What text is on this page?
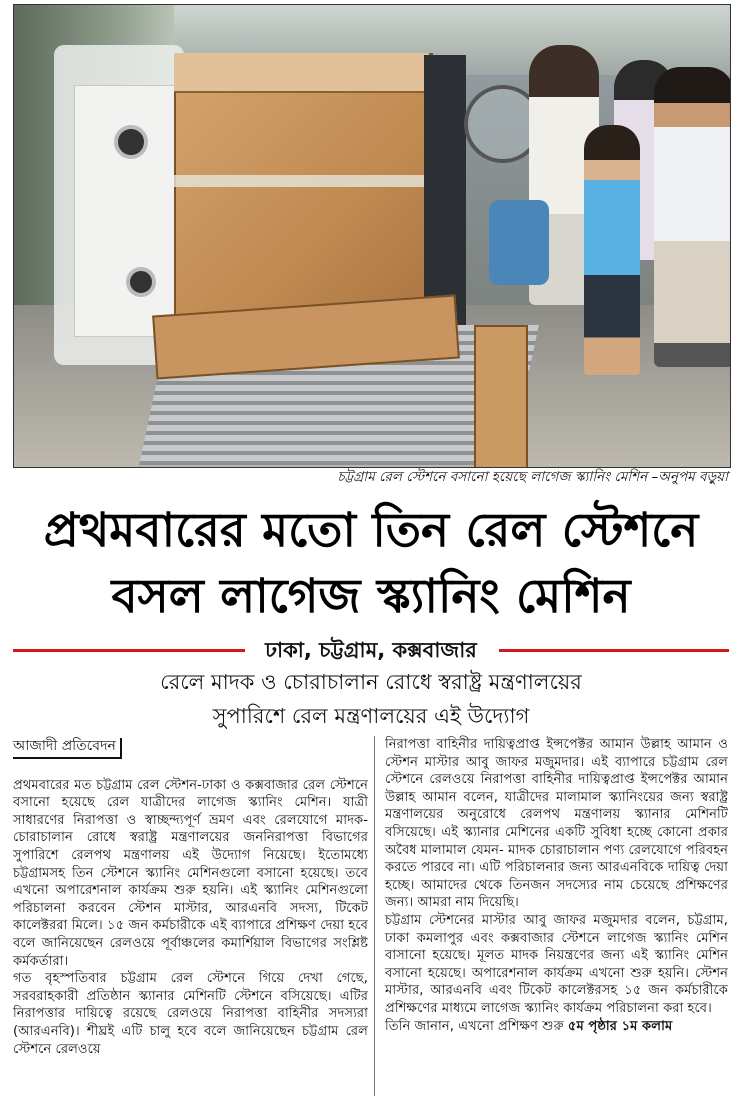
চট্টগ্রাম রেল স্টেশনে বসানো হয়েছে লাগেজ স্ক্যানিং মেশিন –অনুপম বড়ুয়া
প্রথমবারের মতো তিন রেল স্টেশনে
বসল লাগেজ স্ক্যানিং মেশিন
ঢাকা, চট্টগ্রাম, কক্সবাজার
রেলে মাদক ও চোরাচালান রোধে স্বরাষ্ট্র মন্ত্রণালয়ের
সুপারিশে রেল মন্ত্রণালয়ের এই উদ্যোগ
আজাদী প্রতিবেদন

প্রথমবারের মত চট্টগ্রাম রেল স্টেশন-ঢাকা ও কক্সবাজার রেল স্টেশনে বসানো হয়েছে রেল যাত্রীদের লাগেজ স্ক্যানিং মেশিন। যাত্রী সাধারণের নিরাপত্তা ও স্বাচ্ছন্দ্যপূর্ণ ভ্রমণ এবং রেলযোগে মাদক-চোরাচালান রোধে স্বরাষ্ট্র মন্ত্রণালয়ের জননিরাপত্তা বিভাগের সুপারিশে রেলপথ মন্ত্রণালয় এই উদ্যোগ নিয়েছে। ইতোমধ্যে চট্টগ্রামসহ তিন স্টেশনে স্ক্যানিং মেশিনগুলো বসানো হয়েছে। তবে এখনো অপারেশনাল কার্যক্রম শুরু হয়নি। এই স্ক্যানিং মেশিনগুলো পরিচালনা করবেন স্টেশন মাস্টার, আরএনবি সদস্য, টিকেট কালেক্টররা মিলে। ১৫ জন কর্মচারীকে এই ব্যাপারে প্রশিক্ষণ দেয়া হবে বলে জানিয়েছেন রেলওয়ে পূর্বাঞ্চলের কমার্শিয়াল বিভাগের সংশ্লিষ্ট কর্মকর্তারা।

গত বৃহস্পতিবার চট্টগ্রাম রেল স্টেশনে গিয়ে দেখা গেছে, সরবরাহকারী প্রতিষ্ঠান স্ক্যানার মেশিনটি স্টেশনে বসিয়েছে। এটির নিরাপত্তার দায়িত্বে রয়েছে রেলওয়ে নিরাপত্তা বাহিনীর সদস্যরা (আরএনবি)। শীঘ্রই এটি চালু হবে বলে জানিয়েছেন চট্টগ্রাম রেল স্টেশনে রেলওয়ে

নিরাপত্তা বাহিনীর দায়িত্বপ্রাপ্ত ইন্সপেক্টর আমান উল্লাহ আমান ও স্টেশন মাস্টার আবু জাফর মজুমদার। এই ব্যাপারে চট্টগ্রাম রেল স্টেশনে রেলওয়ে নিরাপত্তা বাহিনীর দায়িত্বপ্রাপ্ত ইন্সপেক্টর আমান উল্লাহ আমান বলেন, যাত্রীদের মালামাল স্ক্যানিংয়ের জন্য স্বরাষ্ট্র মন্ত্রণালয়ের অনুরোধে রেলপথ মন্ত্রণালয় স্ক্যানার মেশিনটি বসিয়েছে। এই স্ক্যানার মেশিনের একটি সুবিধা হচ্ছে কোনো প্রকার অবৈধ মালামাল যেমন- মাদক চোরাচালান পণ্য রেলযোগে পরিবহন করতে পারবে না। এটি পরিচালনার জন্য আরএনবিকে দায়িত্ব দেয়া হচ্ছে। আমাদের থেকে তিনজন সদস্যের নাম চেয়েছে প্রশিক্ষণের জন্য। আমরা নাম দিয়েছি।

চট্টগ্রাম স্টেশনের মাস্টার আবু জাফর মজুমদার বলেন, চট্টগ্রাম, ঢাকা কমলাপুর এবং কক্সবাজার স্টেশনে লাগেজ স্ক্যানিং মেশিন বাসানো হয়েছে। মূলত মাদক নিয়ন্ত্রণের জন্য এই স্ক্যানিং মেশিন বসানো হয়েছে। অপারেশনাল কার্যক্রম এখনো শুরু হয়নি। স্টেশন মাস্টার, আরএনবি এবং টিকেট কালেক্টরসহ ১৫ জন কর্মচারীকে প্রশিক্ষণের মাধ্যমে লাগেজ স্ক্যানিং কার্যক্রম পরিচালনা করা হবে।

তিনি জানান, এখনো প্রশিক্ষণ শুরু ৫ম পৃষ্ঠার ১ম কলাম
